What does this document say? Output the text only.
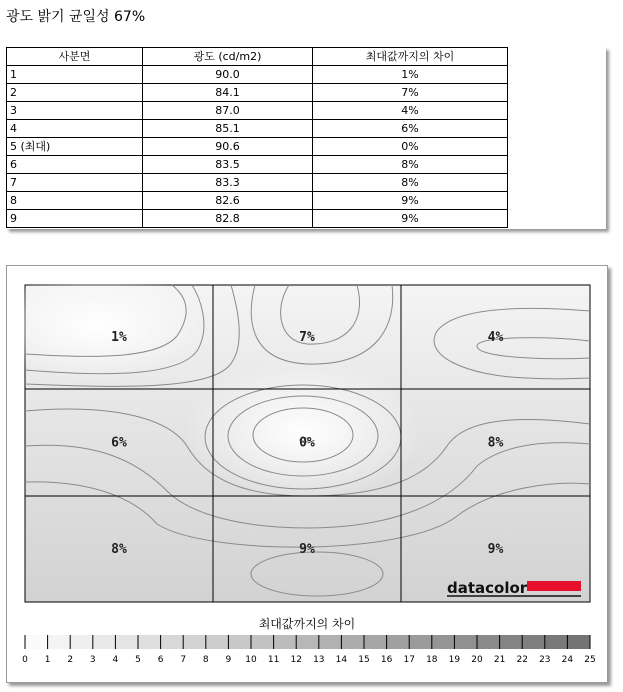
광도 밝기 균일성 67%
사분면	광도 (cd/m2)	최대값까지의 차이
1	90.0	1%
2	84.1	7%
3	87.0	4%
4	85.1	6%
5 (최대)	90.6	0%
6	83.5	8%
7	83.3	8%
8	82.6	9%
9	82.8	9%
1%	7%	4%
6%	0%	8%
8%	9%	9%
datacolor
최대값까지의 차이
0 1 2 3 4 5 6 7 8 9 10 11 12 13 14 15 16 17 18 19 20 21 22 23 24 25
